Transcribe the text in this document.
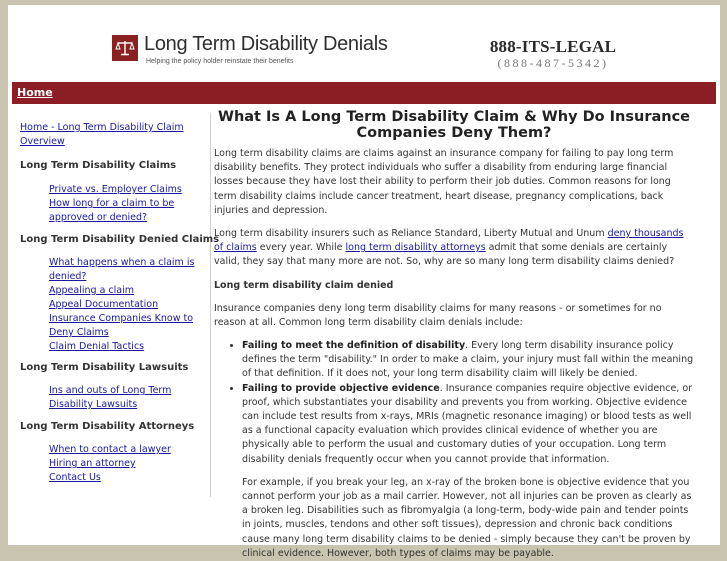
Long Term Disability Denials
Helping the policy holder reinstate their benefits
888-ITS-LEGAL
(888-487-5342)
Home
Home - Long Term Disability Claim Overview
Long Term Disability Claims
Private vs. Employer Claims
How long for a claim to be approved or denied?
Long Term Disability Denied Claims
What happens when a claim is denied?
Appealing a claim
Appeal Documentation
Insurance Companies Know to Deny Claims
Claim Denial Tactics
Long Term Disability Lawsuits
Ins and outs of Long Term Disability Lawsuits
Long Term Disability Attorneys
When to contact a lawyer
Hiring an attorney
Contact Us
What Is A Long Term Disability Claim & Why Do Insurance Companies Deny Them?

Long term disability claims are claims against an insurance company for failing to pay long term disability benefits. They protect individuals who suffer a disability from enduring large financial losses because they have lost their ability to perform their job duties. Common reasons for long term disability claims include cancer treatment, heart disease, pregnancy complications, back injuries and depression.

Long term disability insurers such as Reliance Standard, Liberty Mutual and Unum deny thousands of claims every year. While long term disability attorneys admit that some denials are certainly valid, they say that many more are not. So, why are so many long term disability claims denied?

Long term disability claim denied

Insurance companies deny long term disability claims for many reasons - or sometimes for no reason at all. Common long term disability claim denials include:

• Failing to meet the definition of disability. Every long term disability insurance policy defines the term "disability." In order to make a claim, your injury must fall within the meaning of that definition. If it does not, your long term disability claim will likely be denied.
• Failing to provide objective evidence. Insurance companies require objective evidence, or proof, which substantiates your disability and prevents you from working. Objective evidence can include test results from x-rays, MRIs (magnetic resonance imaging) or blood tests as well as a functional capacity evaluation which provides clinical evidence of whether you are physically able to perform the usual and customary duties of your occupation. Long term disability denials frequently occur when you cannot provide that information.

For example, if you break your leg, an x-ray of the broken bone is objective evidence that you cannot perform your job as a mail carrier. However, not all injuries can be proven as clearly as a broken leg. Disabilities such as fibromyalgia (a long-term, body-wide pain and tender points in joints, muscles, tendons and other soft tissues), depression and chronic back conditions cause many long term disability claims to be denied - simply because they can't be proven by clinical evidence. However, both types of claims may be payable.
